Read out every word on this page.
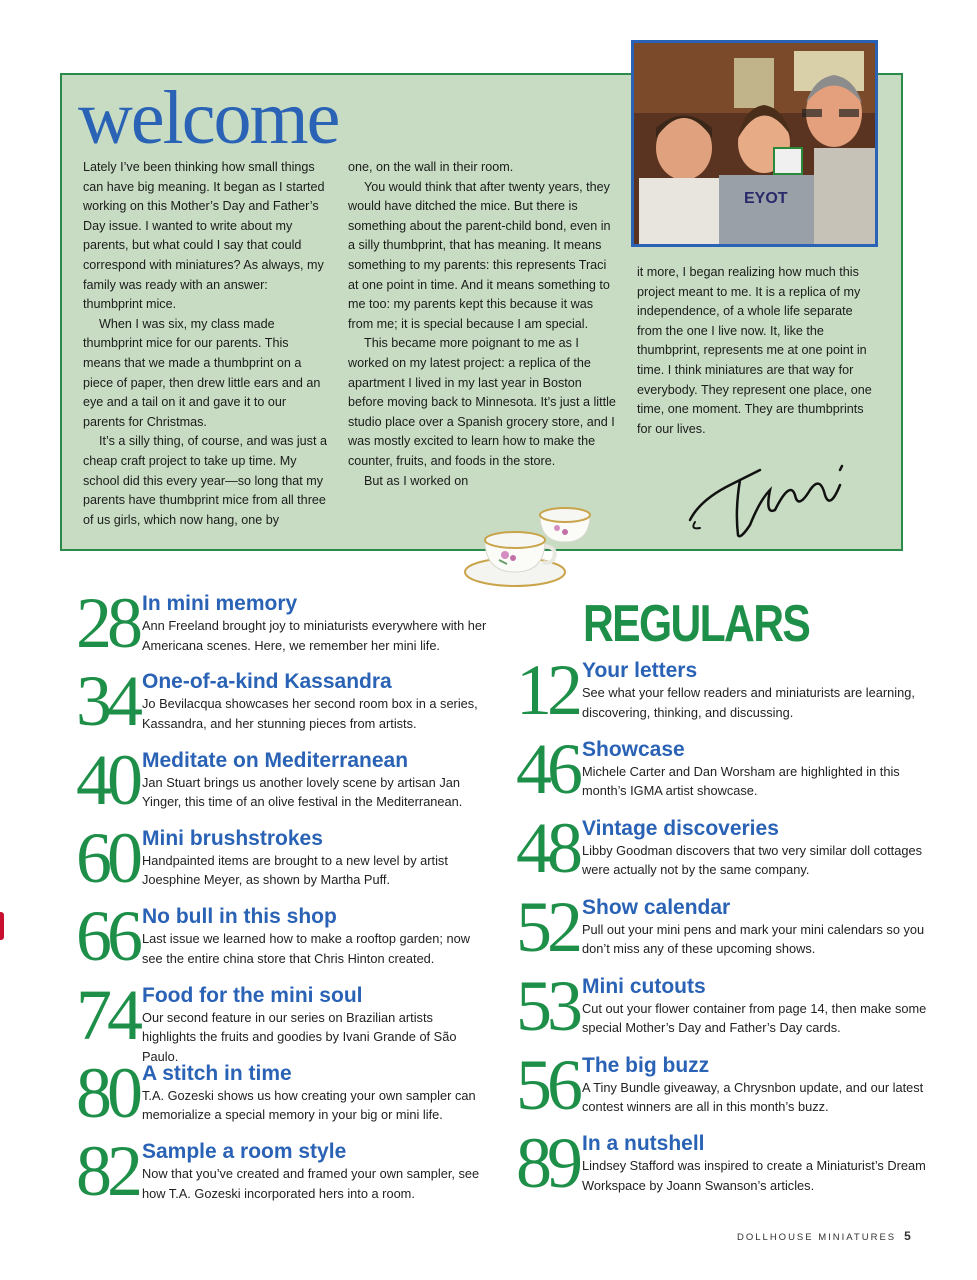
welcome

Lately I’ve been thinking how small things can have big meaning. It began as I started working on this Mother’s Day and Father’s Day issue. I wanted to write about my parents, but what could I say that could correspond with miniatures? As always, my family was ready with an answer: thumbprint mice.

When I was six, my class made thumbprint mice for our parents. This means that we made a thumbprint on a piece of paper, then drew little ears and an eye and a tail on it and gave it to our parents for Christmas.

It’s a silly thing, of course, and was just a cheap craft project to take up time. My school did this every year—so long that my parents have thumbprint mice from all three of us girls, which now hang, one by

one, on the wall in their room.

You would think that after twenty years, they would have ditched the mice. But there is something about the parent-child bond, even in a silly thumbprint, that has meaning. It means something to my parents: this represents Traci at one point in time. And it means something to me too: my parents kept this because it was from me; it is special because I am special.

This became more poignant to me as I worked on my latest project: a replica of the apartment I lived in my last year in Boston before moving back to Minnesota. It’s just a little studio place over a Spanish grocery store, and I was mostly excited to learn how to make the counter, fruits, and foods in the store.

But as I worked on

it more, I began realizing how much this project meant to me. It is a replica of my independence, of a whole life separate from the one I live now. It, like the thumbprint, represents me at one point in time. I think miniatures are that way for everybody. They represent one place, one time, one moment. They are thumbprints for our lives.

EYOT
28 In mini memory

Ann Freeland brought joy to miniaturists everywhere with her Americana scenes. Here, we remember her mini life.

34 One-of-a-kind Kassandra

Jo Bevilacqua showcases her second room box in a series, Kassandra, and her stunning pieces from artists.

40 Meditate on Mediterranean

Jan Stuart brings us another lovely scene by artisan Jan Yinger, this time of an olive festival in the Mediterranean.

60 Mini brushstrokes

Handpainted items are brought to a new level by artist Joesphine Meyer, as shown by Martha Puff.

66 No bull in this shop

Last issue we learned how to make a rooftop garden; now see the entire china store that Chris Hinton created.

74 Food for the mini soul

Our second feature in our series on Brazilian artists highlights the fruits and goodies by Ivani Grande of São Paulo.

80 A stitch in time

T.A. Gozeski shows us how creating your own sampler can memorialize a special memory in your big or mini life.

82 Sample a room style

Now that you’ve created and framed your own sampler, see how T.A. Gozeski incorporated hers into a room.

REGULARS
12 Your letters

See what your fellow readers and miniaturists are learning, discovering, thinking, and discussing.

46 Showcase

Michele Carter and Dan Worsham are highlighted in this month’s IGMA artist showcase.

48 Vintage discoveries

Libby Goodman discovers that two very similar doll cottages were actually not by the same company.

52 Show calendar

Pull out your mini pens and mark your mini calendars so you don’t miss any of these upcoming shows.

53 Mini cutouts

Cut out your flower container from page 14, then make some special Mother’s Day and Father’s Day cards.

56 The big buzz

A Tiny Bundle giveaway, a Chrysnbon update, and our latest contest winners are all in this month’s buzz.

89 In a nutshell

Lindsey Stafford was inspired to create a Miniaturist’s Dream Workspace by Joann Swanson’s articles.

DOLLHOUSE MINIATURES 5
